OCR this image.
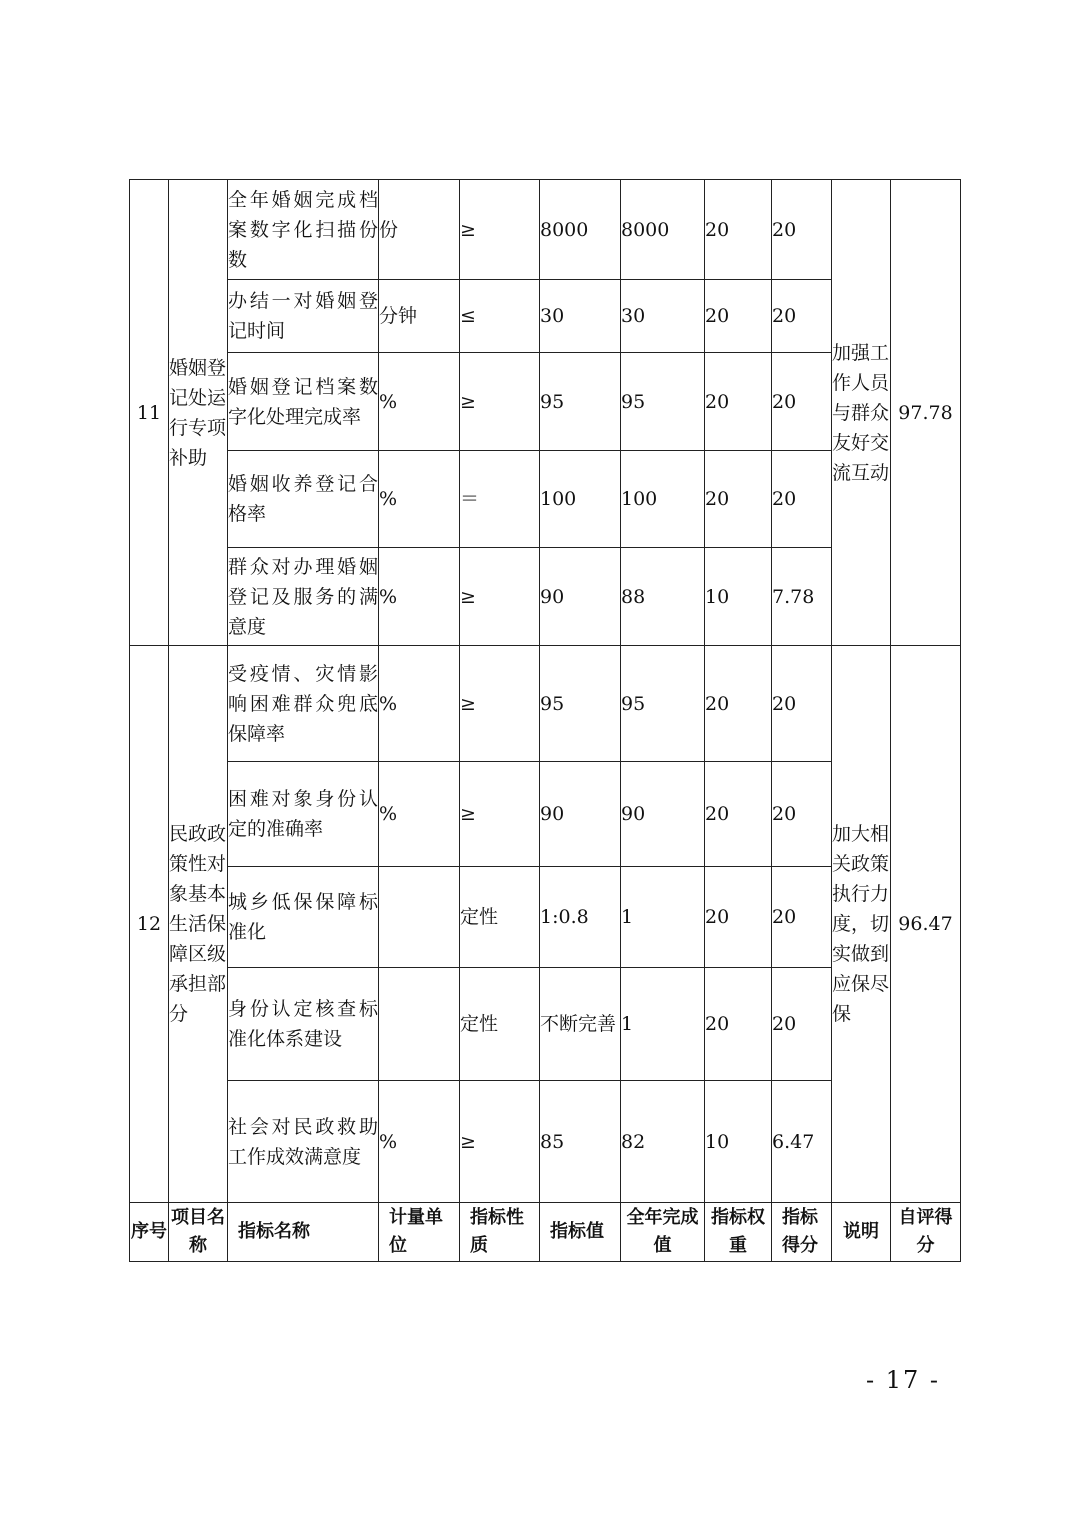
11	婚姻登记处运行专项补助	全年婚姻完成档案数字化扫描份数	份	≥	8000	8000	20	20	加强工作人员与群众友好交流互动	97.78
		办结一对婚姻登记时间	分钟	≤	30	30	20	20		
		婚姻登记档案数字化处理完成率	%	≥	95	95	20	20		
		婚姻收养登记合格率	%	＝	100	100	20	20		
		群众对办理婚姻登记及服务的满意度	%	≥	90	88	10	7.78		
12	民政政策性对象基本生活保障区级承担部分	受疫情、灾情影响困难群众兜底保障率	%	≥	95	95	20	20	加大相关政策执行力度，切实做到应保尽保	96.47
		困难对象身份认定的准确率	%	≥	90	90	20	20		
		城乡低保保障标准化		定性	1:0.8	1	20	20		
		身份认定核查标准化体系建设		定性	不断完善	1	20	20		
		社会对民政救助工作成效满意度	%	≥	85	82	10	6.47		
序号	项目名称	指标名称	计量单位	指标性质	指标值	全年完成值	指标权重	指标得分	说明	自评得分
- 17 -
